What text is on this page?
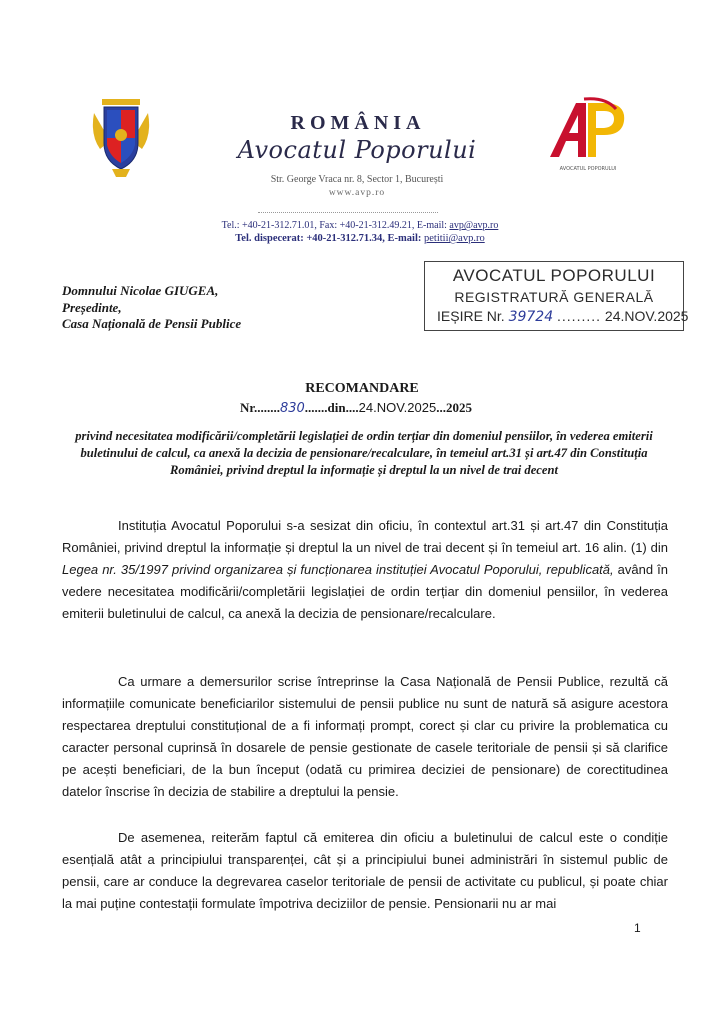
ROMÂNIA
Avocatul Poporului
Str. George Vraca nr. 8, Sector 1, București
www.avp.ro
Tel.: +40-21-312.71.01, Fax: +40-21-312.49.21, E-mail: avp@avp.ro
Tel. dispecerat: +40-21-312.71.34, E-mail: petitii@avp.ro
AVOCATUL POPORULUI
Domnului Nicolae GIUGEA,
Președinte,
Casa Națională de Pensii Publice
AVOCATUL POPORULUI
REGISTRATURĂ GENERALĂ
IEȘIRE Nr. 39724 ......... 24.NOV.2025
RECOMANDARE
Nr........830.......din....24.NOV.2025...2025
privind necesitatea modificării/completării legislației de ordin terțiar din domeniul pensiilor, în vederea emiterii buletinului de calcul, ca anexă la decizia de pensionare/recalculare, în temeiul art.31 și art.47 din Constituția României, privind dreptul la informație și dreptul la un nivel de trai decent
Instituția Avocatul Poporului s-a sesizat din oficiu, în contextul art.31 și art.47 din Constituția României, privind dreptul la informație și dreptul la un nivel de trai decent și în temeiul art. 16 alin. (1) din Legea nr. 35/1997 privind organizarea și funcționarea instituției Avocatul Poporului, republicată, având în vedere necesitatea modificării/completării legislației de ordin terțiar din domeniul pensiilor, în vederea emiterii buletinului de calcul, ca anexă la decizia de pensionare/recalculare.
Ca urmare a demersurilor scrise întreprinse la Casa Națională de Pensii Publice, rezultă că informațiile comunicate beneficiarilor sistemului de pensii publice nu sunt de natură să asigure acestora respectarea dreptului constituțional de a fi informați prompt, corect și clar cu privire la problematica cu caracter personal cuprinsă în dosarele de pensie gestionate de casele teritoriale de pensii și să clarifice pe acești beneficiari, de la bun început (odată cu primirea deciziei de pensionare) de corectitudinea datelor înscrise în decizia de stabilire a dreptului la pensie.
De asemenea, reiterăm faptul că emiterea din oficiu a buletinului de calcul este o condiție esențială atât a principiului transparenței, cât și a principiului bunei administrări în sistemul public de pensii, care ar conduce la degrevarea caselor teritoriale de pensii de activitate cu publicul, și poate chiar la mai puține contestații formulate împotriva deciziilor de pensie. Pensionarii nu ar mai
1
